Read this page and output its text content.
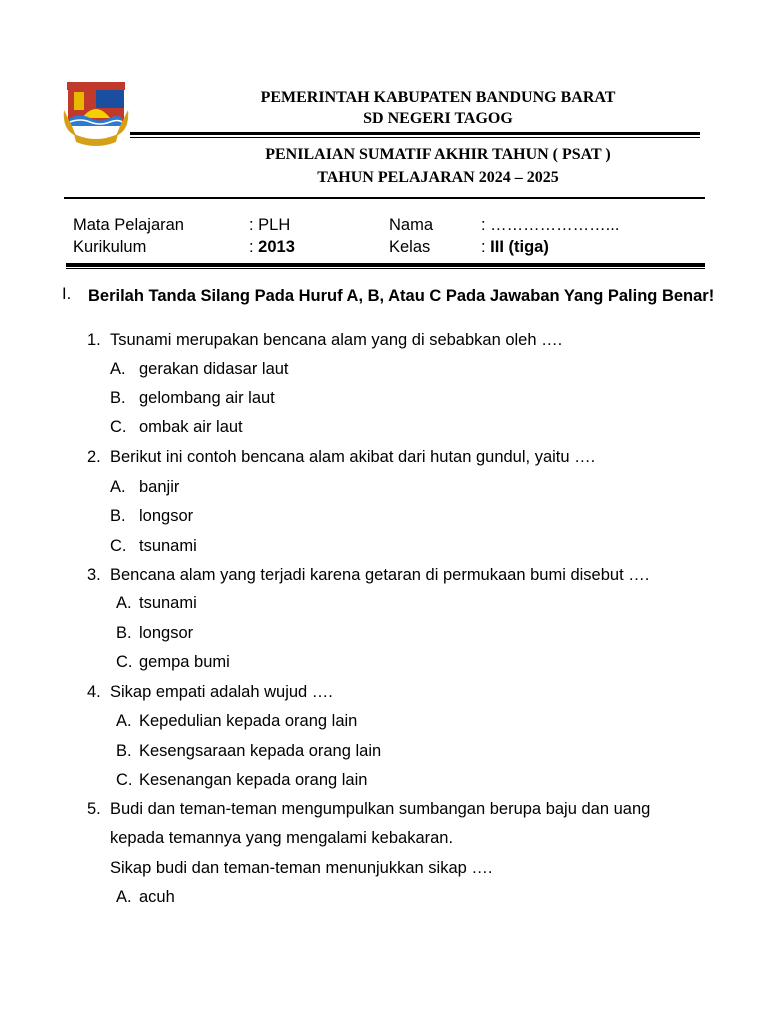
PEMERINTAH KABUPATEN BANDUNG BARAT
SD NEGERI TAGOG
PENILAIAN SUMATIF AKHIR TAHUN ( PSAT )
TAHUN PELAJARAN 2024 – 2025
Mata Pelajaran	: PLH	Nama	: …………………...
Kurikulum	: 2013	Kelas	: III (tiga)
I. Berilah Tanda Silang Pada Huruf A, B, Atau C Pada Jawaban Yang Paling Benar!
1. Tsunami merupakan bencana alam yang di sebabkan oleh ….
A. gerakan didasar laut
B. gelombang air laut
C. ombak air laut
2. Berikut ini contoh bencana alam akibat dari hutan gundul, yaitu ….
A. banjir
B. longsor
C. tsunami
3. Bencana alam yang terjadi karena getaran di permukaan bumi disebut ….
A. tsunami
B. longsor
C. gempa bumi
4. Sikap empati adalah wujud ….
A. Kepedulian kepada orang lain
B. Kesengsaraan kepada orang lain
C. Kesenangan kepada orang lain
5. Budi dan teman-teman mengumpulkan sumbangan berupa baju dan uang
kepada temannya yang mengalami kebakaran.
Sikap budi dan teman-teman menunjukkan sikap ….
A. acuh
